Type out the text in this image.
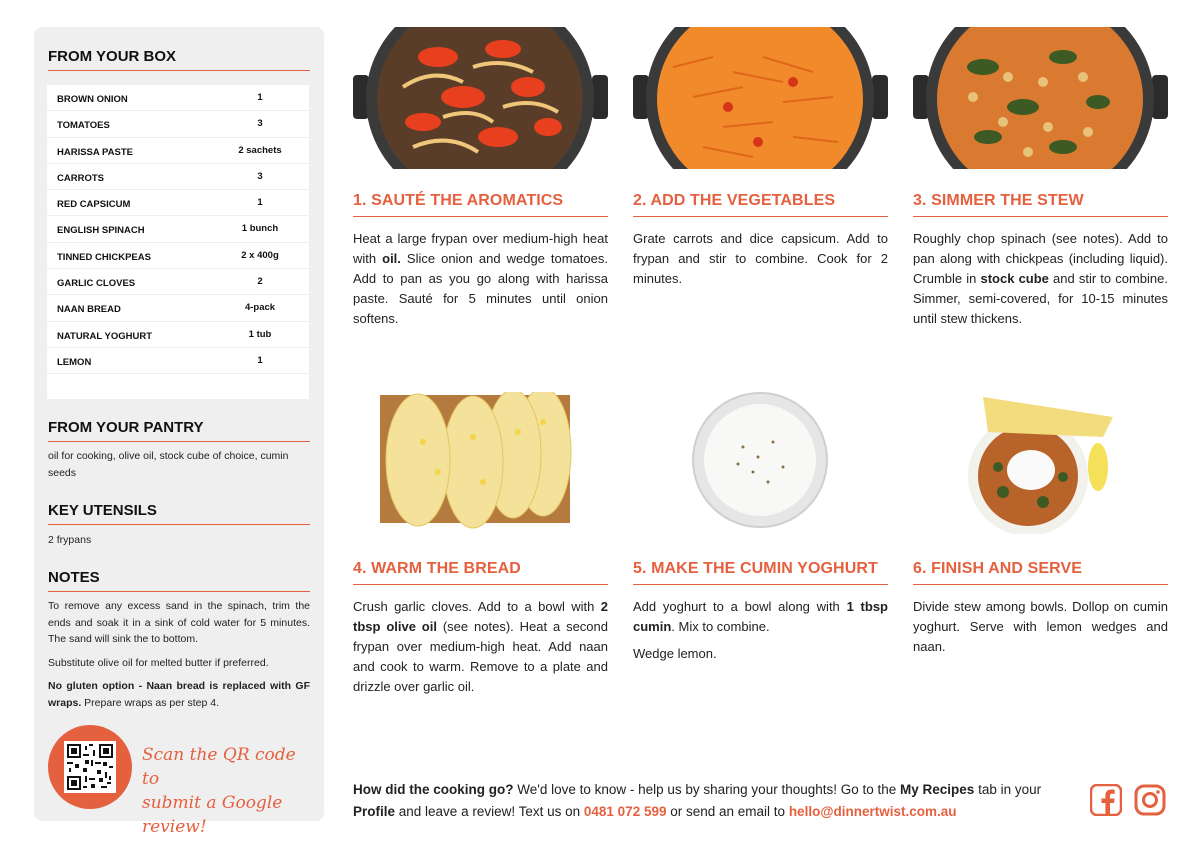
FROM YOUR BOX
BROWN ONION	1
TOMATOES	3
HARISSA PASTE	2 sachets
CARROTS	3
RED CAPSICUM	1
ENGLISH SPINACH	1 bunch
TINNED CHICKPEAS	2 x 400g
GARLIC CLOVES	2
NAAN BREAD	4-pack
NATURAL YOGHURT	1 tub
LEMON	1
FROM YOUR PANTRY
oil for cooking, olive oil, stock cube of choice, cumin seeds
KEY UTENSILS
2 frypans
NOTES

To remove any excess sand in the spinach, trim the ends and soak it in a sink of cold water for 5 minutes. The sand will sink the to bottom.

Substitute olive oil for melted butter if preferred.

No gluten option - Naan bread is replaced with GF wraps. Prepare wraps as per step 4.

Scan the QR code to
submit a Google review!
1. SAUTÉ THE AROMATICS

Heat a large frypan over medium-high heat with oil. Slice onion and wedge tomatoes. Add to pan as you go along with harissa paste. Sauté for 5 minutes until onion softens.

2. ADD THE VEGETABLES

Grate carrots and dice capsicum. Add to frypan and stir to combine. Cook for 2 minutes.

3. SIMMER THE STEW

Roughly chop spinach (see notes). Add to pan along with chickpeas (including liquid). Crumble in stock cube and stir to combine. Simmer, semi-covered, for 10-15 minutes until stew thickens.

4. WARM THE BREAD

Crush garlic cloves. Add to a bowl with 2 tbsp olive oil (see notes). Heat a second frypan over medium-high heat. Add naan and cook to warm. Remove to a plate and drizzle over garlic oil.

5. MAKE THE CUMIN YOGHURT

Add yoghurt to a bowl along with 1 tbsp cumin. Mix to combine.

Wedge lemon.

6. FINISH AND SERVE

Divide stew among bowls. Dollop on cumin yoghurt. Serve with lemon wedges and naan.

How did the cooking go? We'd love to know - help us by sharing your thoughts! Go to the My Recipes tab in your Profile and leave a review! Text us on 0481 072 599 or send an email to hello@dinnertwist.com.au
